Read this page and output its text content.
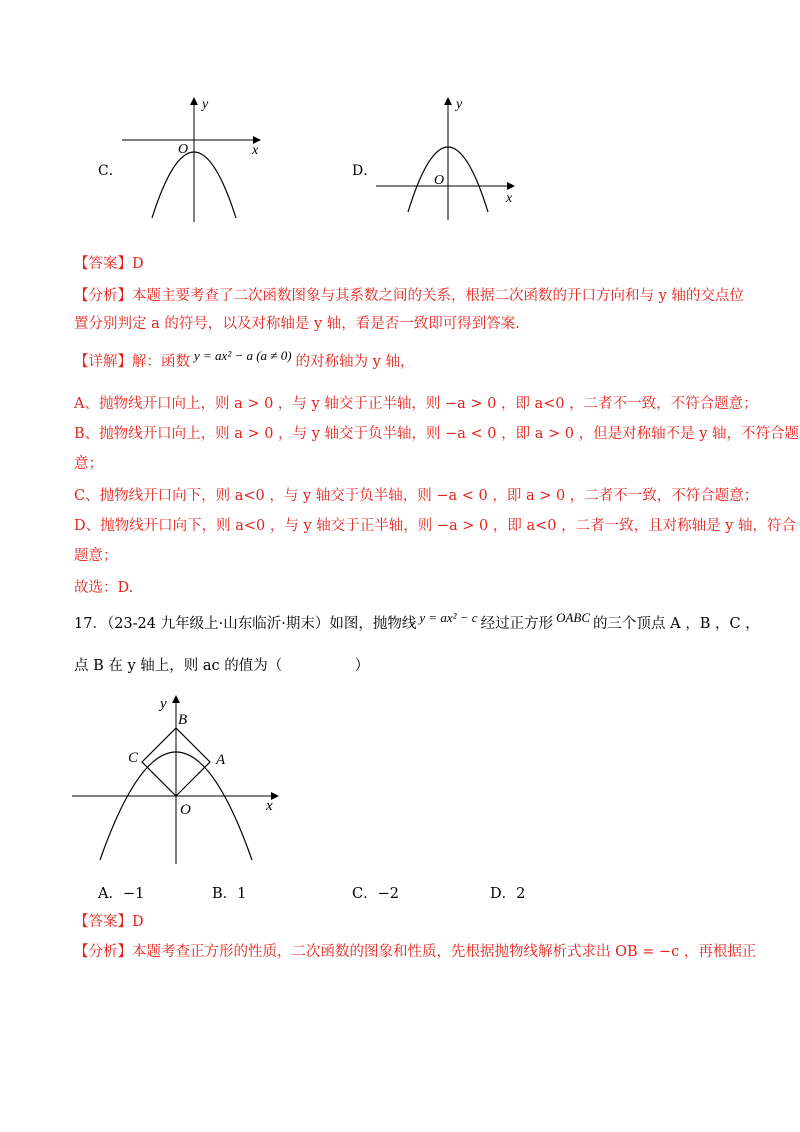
C．
y
x
O
D．
y
x
O
【答案】D
【分析】本题主要考查了二次函数图象与其系数之间的关系，根据二次函数的开口方向和与 y 轴的交点位
置分别判定 a 的符号，以及对称轴是 y 轴，看是否一致即可得到答案.
【详解】解：函数 y = ax² − a (a ≠ 0) 的对称轴为 y 轴，
A、抛物线开口向上，则 a > 0 ，与 y 轴交于正半轴，则 −a > 0 ，即 a<0 ，二者不一致，不符合题意；
B、抛物线开口向上，则 a > 0 ，与 y 轴交于负半轴，则 −a < 0 ，即 a > 0 ，但是对称轴不是 y 轴，不符合题
意；
C、抛物线开口向下，则 a<0 ，与 y 轴交于负半轴，则 −a < 0 ，即 a > 0 ，二者不一致，不符合题意；
D、抛物线开口向下，则 a<0 ，与 y 轴交于正半轴，则 −a > 0 ，即 a<0 ，二者一致，且对称轴是 y 轴，符合
题意；
故选：D.
17．（23-24 九年级上·山东临沂·期末）如图，抛物线 y = ax² − c 经过正方形 OABC 的三个顶点 A ，B ，C ，
点 B 在 y 轴上，则 ac 的值为（　　　　　）
y
x
O
B
C	A
A．−1	B．1	C．−2	D．2
【答案】D
【分析】本题考查正方形的性质，二次函数的图象和性质，先根据抛物线解析式求出 OB = −c ，再根据正
